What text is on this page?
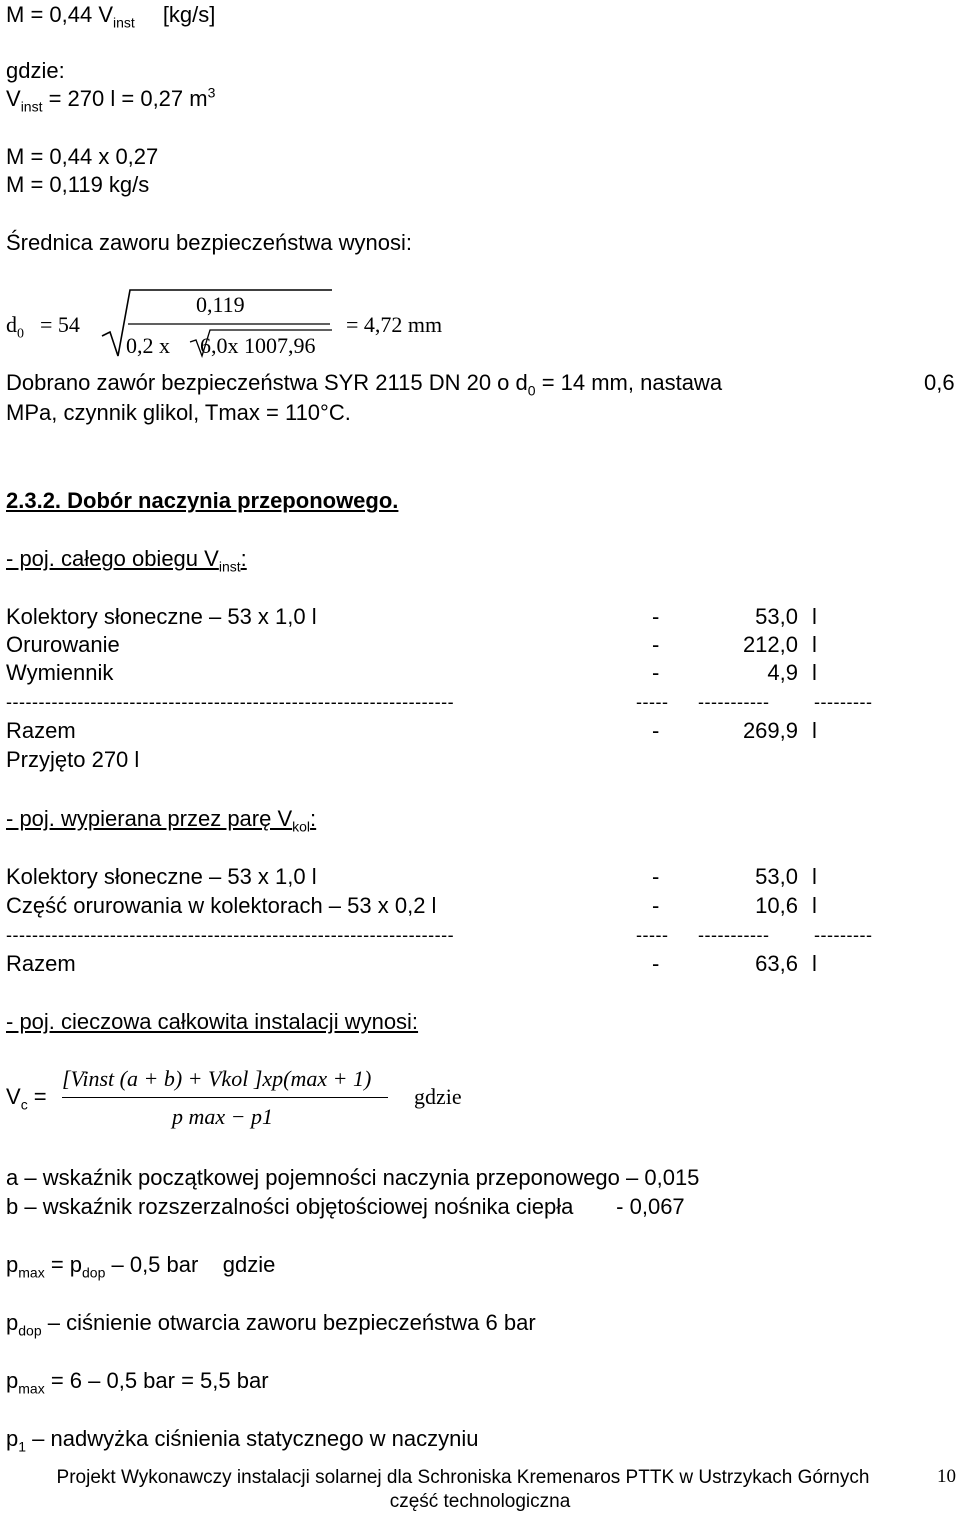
M = 0,44 $V_{inst}$ [kg/s]
gdzie:
$V_{inst} = 270$ l = 0,27 $m^3$
M = 0,44 x 0,27
M = 0,119 kg/s
Średnica zaworu bezpieczeństwa wynosi:
$d_0 = 54$
0,119
0,2 x 6,0x 1007,96
= 4,72 mm
Dobrano zawór bezpieczeństwa SYR 2115 DN 20 o $d_0 = 14$ mm, nastawa	0,6
MPa, czynnik glikol, Tmax = 110°C.
2.3.2. Dobór naczynia przeponowego.
- poj. całego obiegu $V_{inst}$:
Kolektory słoneczne – 53 x 1,0 l	-	53,0 l
Orurowanie	-	212,0 l
Wymiennik	-	4,9 l
---------------------------------------------------------------------	----- ----------- ---------
Razem	-	269,9 l
Przyjęto 270 l
- poj. wypierana przez parę $V_{kol}$:
Kolektory słoneczne – 53 x 1,0 l	-	53,0 l
Część orurowania w kolektorach – 53 x 0,2 l	-	10,6 l
---------------------------------------------------------------------	----- ----------- ---------
Razem	-	63,6 l
- poj. cieczowa całkowita instalacji wynosi:
$V_c$ =
[Vinst (a + b) + Vkol ]xp(max + 1)
p max − p1
gdzie
a – wskaźnik początkowej pojemności naczynia przeponowego – 0,015
b – wskaźnik rozszerzalności objętościowej nośnika ciepła       - 0,067
$p_{max} = p_{dop} - 0,5$ bar    gdzie
$p_{dop}$ – ciśnienie otwarcia zaworu bezpieczeństwa 6 bar
$p_{max} = 6 - 0,5$ bar = 5,5 bar
$p_1$ – nadwyżka ciśnienia statycznego w naczyniu
Projekt Wykonawczy instalacji solarnej dla Schroniska Kremenaros PTTK w Ustrzykach Górnych
część technologiczna
10
